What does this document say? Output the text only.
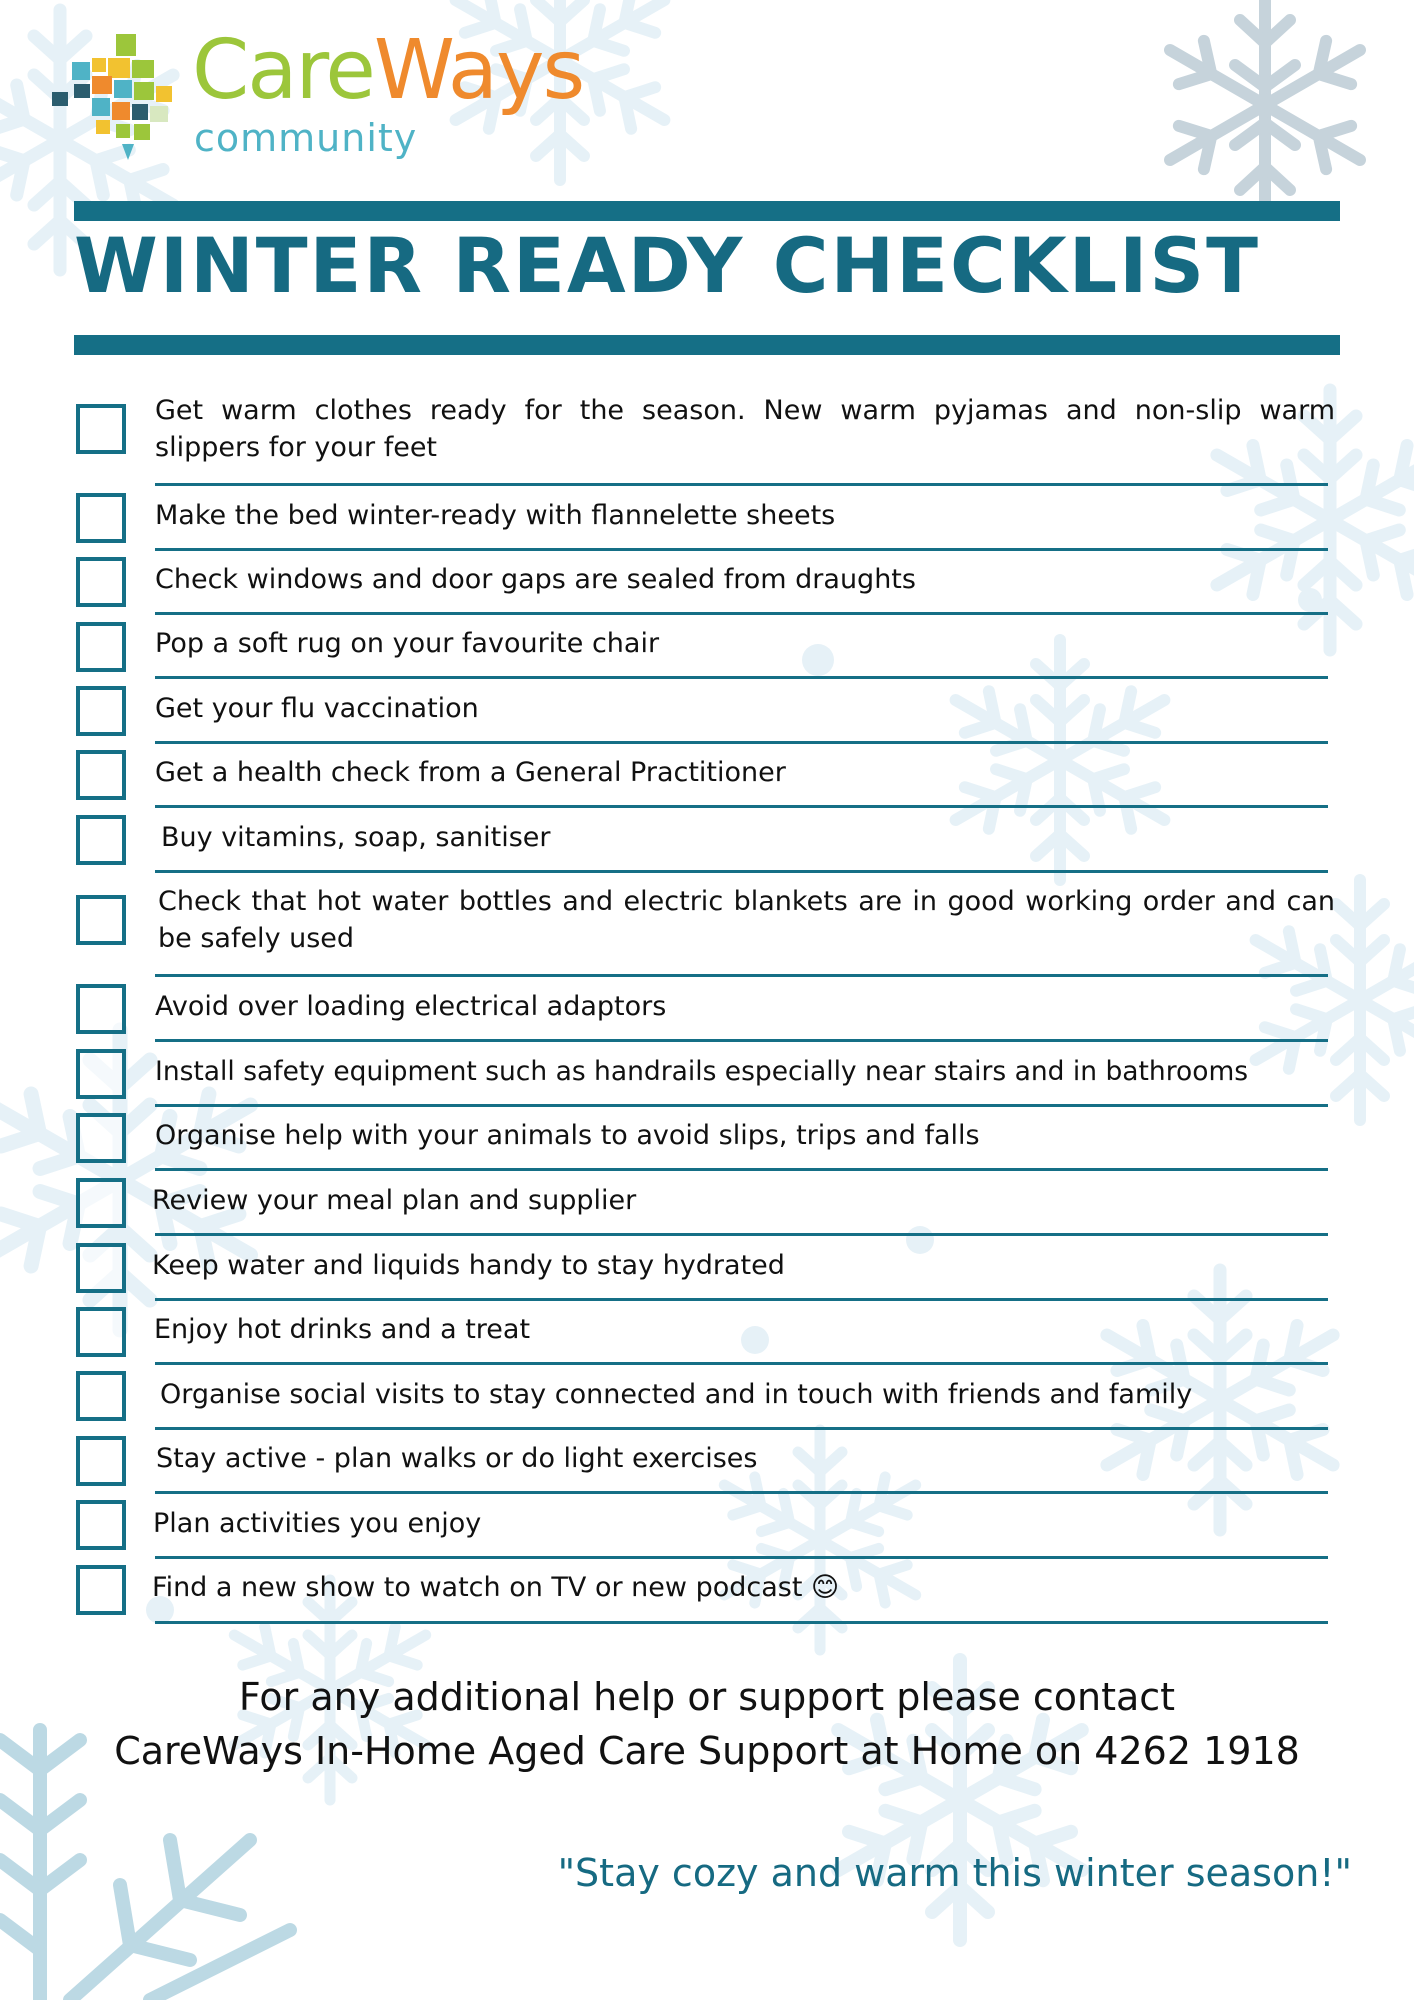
CareWays
community
WINTER READY CHECKLIST
Get warm clothes ready for the season. New warm pyjamas and non-slip warm slippers for your feet
Make the bed winter-ready with flannelette sheets
Check windows and door gaps are sealed from draughts
Pop a soft rug on your favourite chair
Get your flu vaccination
Get a health check from a General Practitioner
Buy vitamins, soap, sanitiser
Check that hot water bottles and electric blankets are in good working order and can be safely used
Avoid over loading electrical adaptors
Install safety equipment such as handrails especially near stairs and in bathrooms
Organise help with your animals to avoid slips, trips and falls
Review your meal plan and supplier
Keep water and liquids handy to stay hydrated
Enjoy hot drinks and a treat
Organise social visits to stay connected and in touch with friends and family
Stay active - plan walks or do light exercises
Plan activities you enjoy
Find a new show to watch on TV or new podcast 😊
For any additional help or support please contact
CareWays In-Home Aged Care Support at Home on 4262 1918
"Stay cozy and warm this winter season!"
